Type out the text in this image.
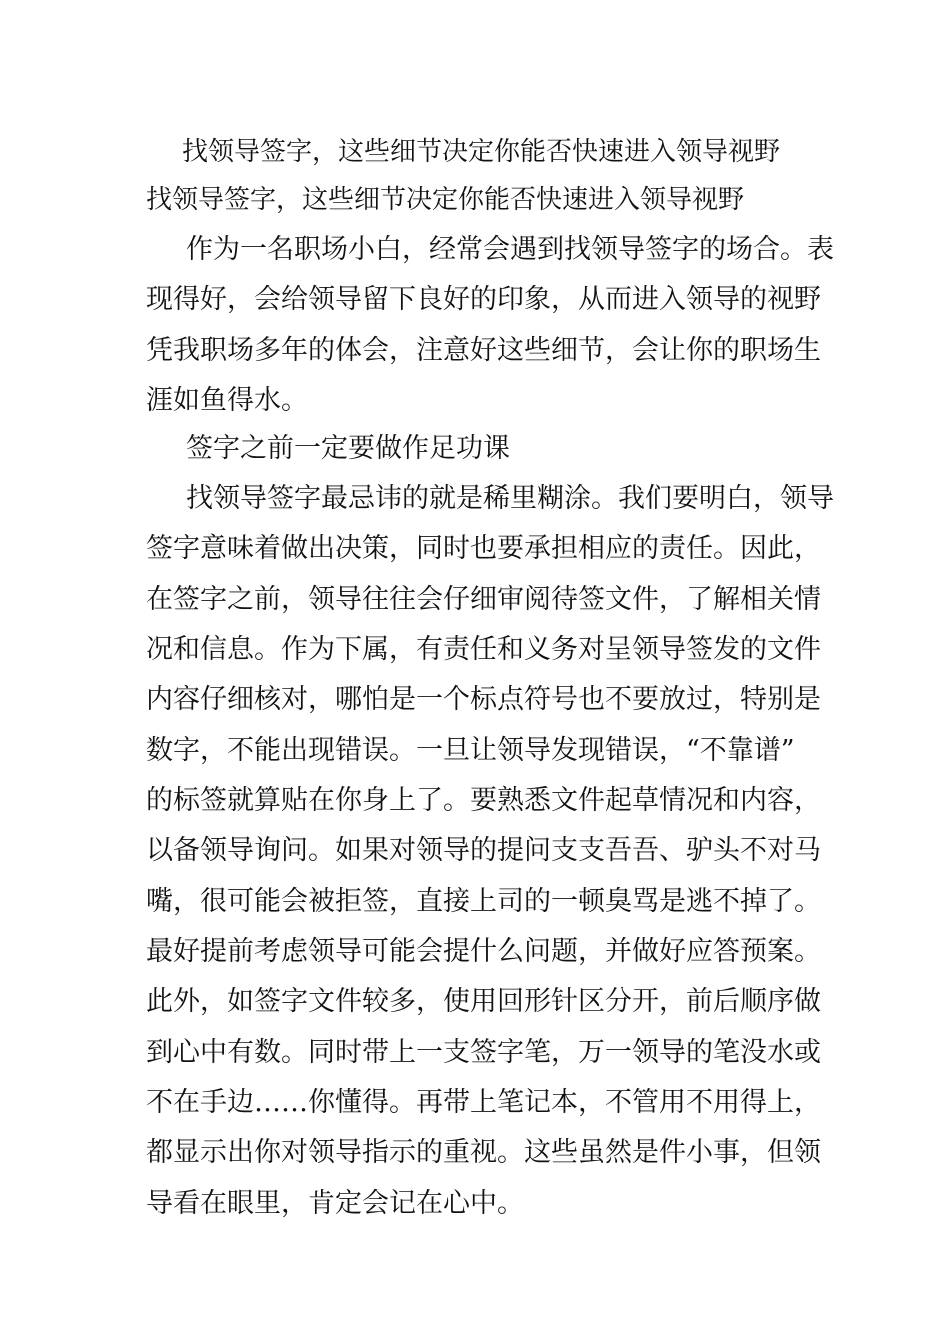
找领导签字，这些细节决定你能否快速进入领导视野
找领导签字，这些细节决定你能否快速进入领导视野
作为一名职场小白，经常会遇到找领导签字的场合。表
现得好，会给领导留下良好的印象，从而进入领导的视野
凭我职场多年的体会，注意好这些细节，会让你的职场生
涯如鱼得水。
签字之前一定要做作足功课
找领导签字最忌讳的就是稀里糊涂。我们要明白，领导
签字意味着做出决策，同时也要承担相应的责任。因此，
在签字之前，领导往往会仔细审阅待签文件，了解相关情
况和信息。作为下属，有责任和义务对呈领导签发的文件
内容仔细核对，哪怕是一个标点符号也不要放过，特别是
数字，不能出现错误。一旦让领导发现错误，“不靠谱”
的标签就算贴在你身上了。要熟悉文件起草情况和内容，
以备领导询问。如果对领导的提问支支吾吾、驴头不对马
嘴，很可能会被拒签，直接上司的一顿臭骂是逃不掉了。
最好提前考虑领导可能会提什么问题，并做好应答预案。
此外，如签字文件较多，使用回形针区分开，前后顺序做
到心中有数。同时带上一支签字笔，万一领导的笔没水或
不在手边……你懂得。再带上笔记本，不管用不用得上，
都显示出你对领导指示的重视。这些虽然是件小事，但领
导看在眼里，肯定会记在心中。
